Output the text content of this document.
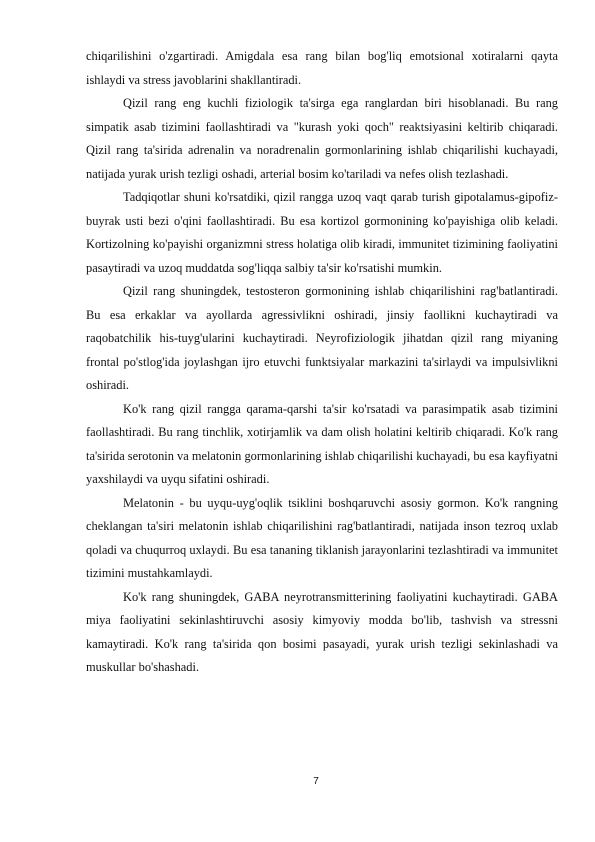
chiqarilishini o'zgartiradi. Amigdala esa rang bilan bog'liq emotsional xotiralarni qayta ishlaydi va stress javoblarini shakllantiradi.

Qizil rang eng kuchli fiziologik ta'sirga ega ranglardan biri hisoblanadi. Bu rang simpatik asab tizimini faollashtiradi va "kurash yoki qoch" reaktsiyasini keltirib chiqaradi. Qizil rang ta'sirida adrenalin va noradrenalin gormonlarining ishlab chiqarilishi kuchayadi, natijada yurak urish tezligi oshadi, arterial bosim ko'tariladi va nefes olish tezlashadi.

Tadqiqotlar shuni ko'rsatdiki, qizil rangga uzoq vaqt qarab turish gipotalamus-gipofiz-buyrak usti bezi o'qini faollashtiradi. Bu esa kortizol gormonining ko'payishiga olib keladi. Kortizolning ko'payishi organizmni stress holatiga olib kiradi, immunitet tizimining faoliyatini pasaytiradi va uzoq muddatda sog'liqqa salbiy ta'sir ko'rsatishi mumkin.

Qizil rang shuningdek, testosteron gormonining ishlab chiqarilishini rag'batlantiradi. Bu esa erkaklar va ayollarda agressivlikni oshiradi, jinsiy faollikni kuchaytiradi va raqobatchilik his-tuyg'ularini kuchaytiradi. Neyrofiziologik jihatdan qizil rang miyaning frontal po'stlog'ida joylashgan ijro etuvchi funktsiyalar markazini ta'sirlaydi va impulsivlikni oshiradi.

Ko'k rang qizil rangga qarama-qarshi ta'sir ko'rsatadi va parasimpatik asab tizimini faollashtiradi. Bu rang tinchlik, xotirjamlik va dam olish holatini keltirib chiqaradi. Ko'k rang ta'sirida serotonin va melatonin gormonlarining ishlab chiqarilishi kuchayadi, bu esa kayfiyatni yaxshilaydi va uyqu sifatini oshiradi.

Melatonin - bu uyqu-uyg'oqlik tsiklini boshqaruvchi asosiy gormon. Ko'k rangning cheklangan ta'siri melatonin ishlab chiqarilishini rag'batlantiradi, natijada inson tezroq uxlab qoladi va chuqurroq uxlaydi. Bu esa tananing tiklanish jarayonlarini tezlashtiradi va immunitet tizimini mustahkamlaydi.

Ko'k rang shuningdek, GABA neyrotransmitterining faoliyatini kuchaytiradi. GABA miya faoliyatini sekinlashtiruvchi asosiy kimyoviy modda bo'lib, tashvish va stressni kamaytiradi. Ko'k rang ta'sirida qon bosimi pasayadi, yurak urish tezligi sekinlashadi va muskullar bo'shashadi.

7
